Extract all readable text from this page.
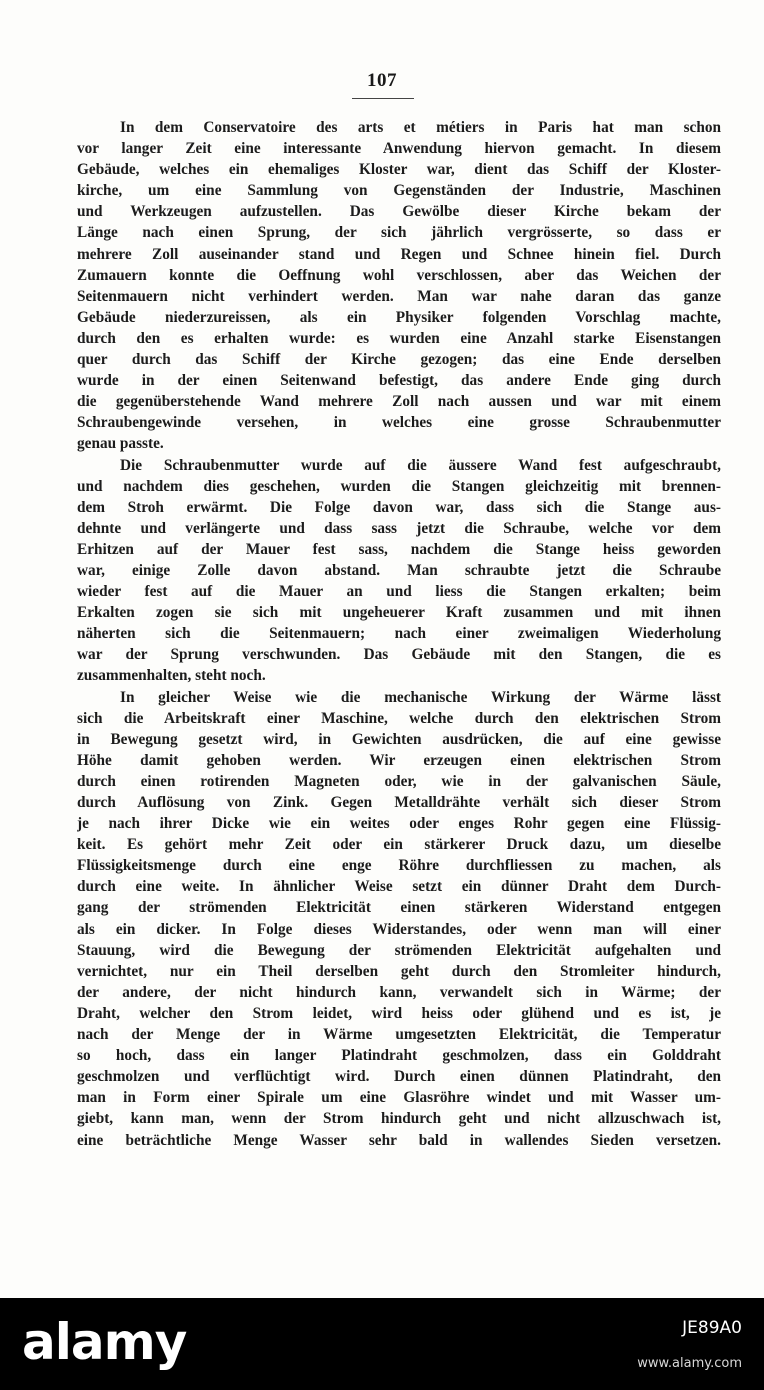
107
In dem Conservatoire des arts et métiers in Paris hat man schon
vor langer Zeit eine interessante Anwendung hiervon gemacht. In diesem
Gebäude, welches ein ehemaliges Kloster war, dient das Schiff der Kloster-
kirche, um eine Sammlung von Gegenständen der Industrie, Maschinen
und Werkzeugen aufzustellen. Das Gewölbe dieser Kirche bekam der
Länge nach einen Sprung, der sich jährlich vergrösserte, so dass er
mehrere Zoll auseinander stand und Regen und Schnee hinein fiel. Durch
Zumauern konnte die Oeffnung wohl verschlossen, aber das Weichen der
Seitenmauern nicht verhindert werden. Man war nahe daran das ganze
Gebäude niederzureissen, als ein Physiker folgenden Vorschlag machte,
durch den es erhalten wurde: es wurden eine Anzahl starke Eisenstangen
quer durch das Schiff der Kirche gezogen; das eine Ende derselben
wurde in der einen Seitenwand befestigt, das andere Ende ging durch
die gegenüberstehende Wand mehrere Zoll nach aussen und war mit einem
Schraubengewinde versehen, in welches eine grosse Schraubenmutter
genau passte.
Die Schraubenmutter wurde auf die äussere Wand fest aufgeschraubt,
und nachdem dies geschehen, wurden die Stangen gleichzeitig mit brennen-
dem Stroh erwärmt. Die Folge davon war, dass sich die Stange aus-
dehnte und verlängerte und dass sass jetzt die Schraube, welche vor dem
Erhitzen auf der Mauer fest sass, nachdem die Stange heiss geworden
war, einige Zolle davon abstand. Man schraubte jetzt die Schraube
wieder fest auf die Mauer an und liess die Stangen erkalten; beim
Erkalten zogen sie sich mit ungeheuerer Kraft zusammen und mit ihnen
näherten sich die Seitenmauern; nach einer zweimaligen Wiederholung
war der Sprung verschwunden. Das Gebäude mit den Stangen, die es
zusammenhalten, steht noch.
In gleicher Weise wie die mechanische Wirkung der Wärme lässt
sich die Arbeitskraft einer Maschine, welche durch den elektrischen Strom
in Bewegung gesetzt wird, in Gewichten ausdrücken, die auf eine gewisse
Höhe damit gehoben werden. Wir erzeugen einen elektrischen Strom
durch einen rotirenden Magneten oder, wie in der galvanischen Säule,
durch Auflösung von Zink. Gegen Metalldrähte verhält sich dieser Strom
je nach ihrer Dicke wie ein weites oder enges Rohr gegen eine Flüssig-
keit. Es gehört mehr Zeit oder ein stärkerer Druck dazu, um dieselbe
Flüssigkeitsmenge durch eine enge Röhre durchfliessen zu machen, als
durch eine weite. In ähnlicher Weise setzt ein dünner Draht dem Durch-
gang der strömenden Elektricität einen stärkeren Widerstand entgegen
als ein dicker. In Folge dieses Widerstandes, oder wenn man will einer
Stauung, wird die Bewegung der strömenden Elektricität aufgehalten und
vernichtet, nur ein Theil derselben geht durch den Stromleiter hindurch,
der andere, der nicht hindurch kann, verwandelt sich in Wärme; der
Draht, welcher den Strom leidet, wird heiss oder glühend und es ist, je
nach der Menge der in Wärme umgesetzten Elektricität, die Temperatur
so hoch, dass ein langer Platindraht geschmolzen, dass ein Golddraht
geschmolzen und verflüchtigt wird. Durch einen dünnen Platindraht, den
man in Form einer Spirale um eine Glasröhre windet und mit Wasser um-
giebt, kann man, wenn der Strom hindurch geht und nicht allzuschwach ist,
eine beträchtliche Menge Wasser sehr bald in wallendes Sieden versetzen.
alamy	JE89A0
www.alamy.com
